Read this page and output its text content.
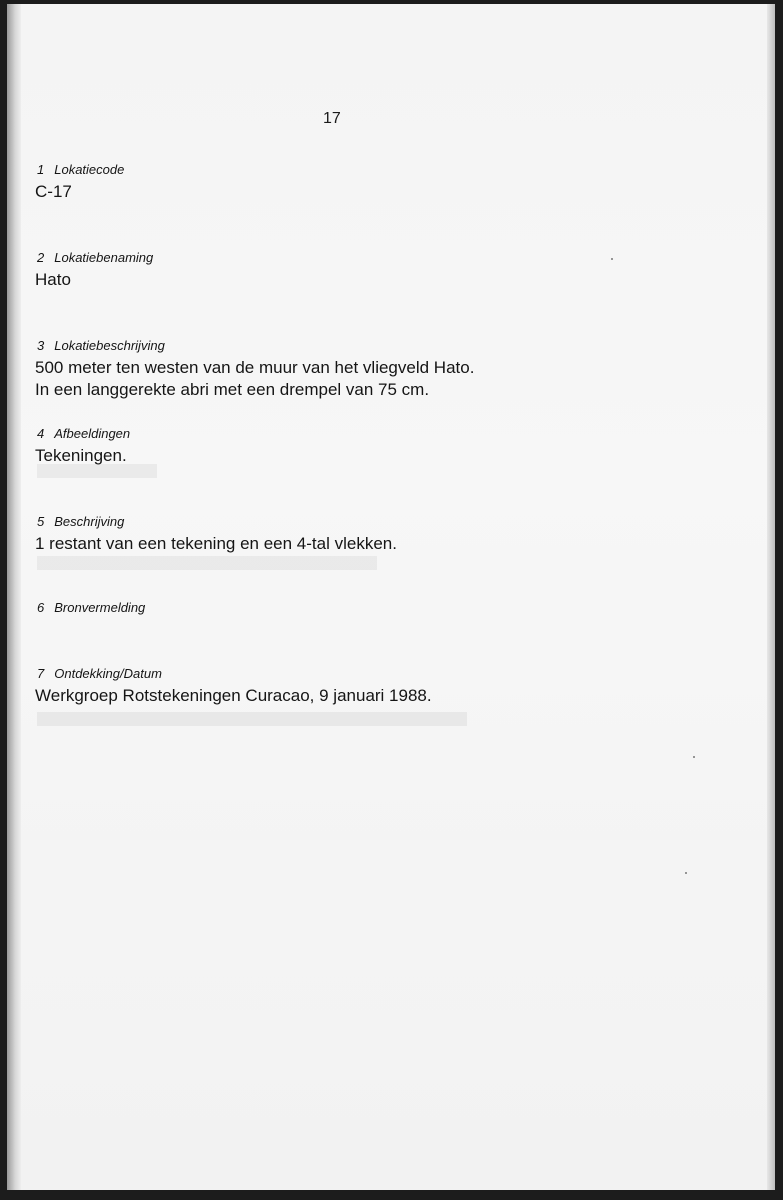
17
1 Lokatiecode
C-17
2 Lokatiebenaming
Hato
3 Lokatiebeschrijving
500 meter ten westen van de muur van het vliegveld Hato.
In een langgerekte abri met een drempel van 75 cm.
4 Afbeeldingen
Tekeningen.
5 Beschrijving
1 restant van een tekening en een 4-tal vlekken.
6 Bronvermelding
7 Ontdekking/Datum
Werkgroep Rotstekeningen Curacao, 9 januari 1988.
